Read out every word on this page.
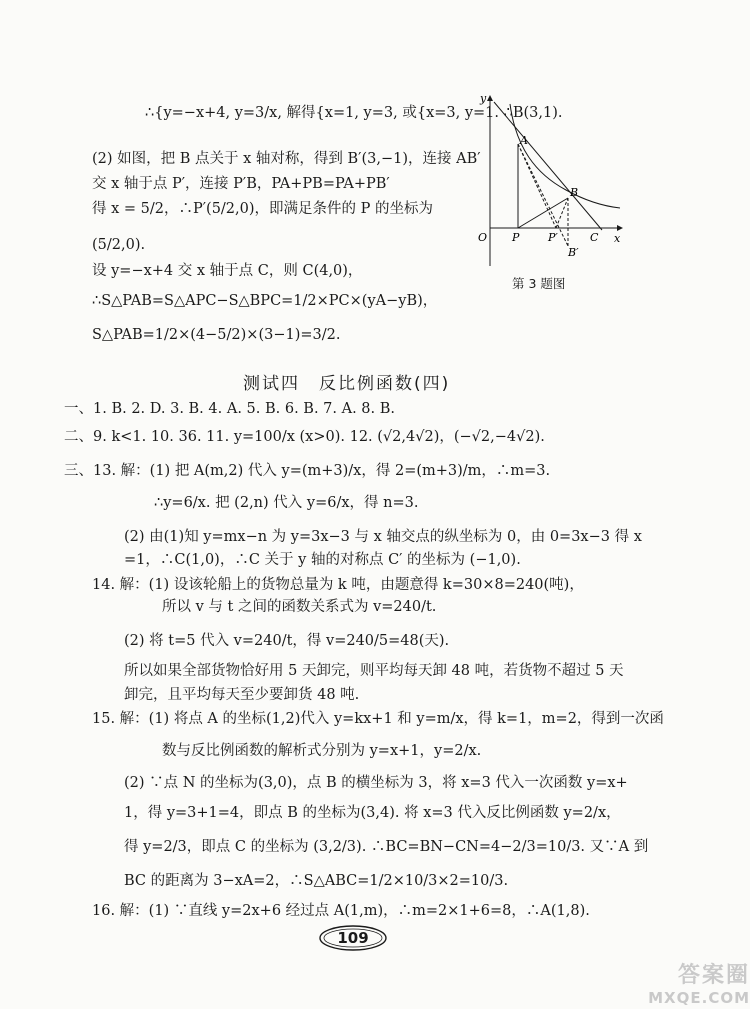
∴{y=−x+4, y=3/x, 解得{x=1, y=3, 或{x=3, y=1. ∴B(3,1).
(2) 如图，把 B 点关于 x 轴对称，得到 B′(3,−1)，连接 AB′
交 x 轴于点 P′，连接 P′B，PA+PB=PA+PB′
得 x = 5/2，∴P′(5/2,0)，即满足条件的 P 的坐标为
(5/2,0).
设 y=−x+4 交 x 轴于点 C，则 C(4,0)，
∴S△PAB=S△APC−S△BPC=1/2×PC×(yA−yB)，
S△PAB=1/2×(4−5/2)×(3−1)=3/2.
y
x
O
A
B
P	P′	C
B′
第 3 题图
测试四　反比例函数(四)
一、1. B. 2. D. 3. B. 4. A. 5. B. 6. B. 7. A. 8. B.
二、9. k<1. 10. 36. 11. y=100/x (x>0). 12. (√2,4√2)，(−√2,−4√2).
三、13. 解：(1) 把 A(m,2) 代入 y=(m+3)/x，得 2=(m+3)/m，∴m=3.
∴y=6/x. 把 (2,n) 代入 y=6/x，得 n=3.
(2) 由(1)知 y=mx−n 为 y=3x−3 与 x 轴交点的纵坐标为 0，由 0=3x−3 得 x
=1，∴C(1,0)，∴C 关于 y 轴的对称点 C′ 的坐标为 (−1,0).
14. 解：(1) 设该轮船上的货物总量为 k 吨，由题意得 k=30×8=240(吨)，
所以 v 与 t 之间的函数关系式为 v=240/t.
(2) 将 t=5 代入 v=240/t，得 v=240/5=48(天).
所以如果全部货物恰好用 5 天卸完，则平均每天卸 48 吨，若货物不超过 5 天
卸完，且平均每天至少要卸货 48 吨.
15. 解：(1) 将点 A 的坐标(1,2)代入 y=kx+1 和 y=m/x，得 k=1，m=2，得到一次函
数与反比例函数的解析式分别为 y=x+1，y=2/x.
(2) ∵点 N 的坐标为(3,0)，点 B 的横坐标为 3，将 x=3 代入一次函数 y=x+
1，得 y=3+1=4，即点 B 的坐标为(3,4). 将 x=3 代入反比例函数 y=2/x，
得 y=2/3，即点 C 的坐标为 (3,2/3). ∴BC=BN−CN=4−2/3=10/3. 又∵A 到
BC 的距离为 3−xA=2，∴S△ABC=1/2×10/3×2=10/3.
16. 解：(1) ∵直线 y=2x+6 经过点 A(1,m)，∴m=2×1+6=8，∴A(1,8).
109
答案圈
MXQE.COM
